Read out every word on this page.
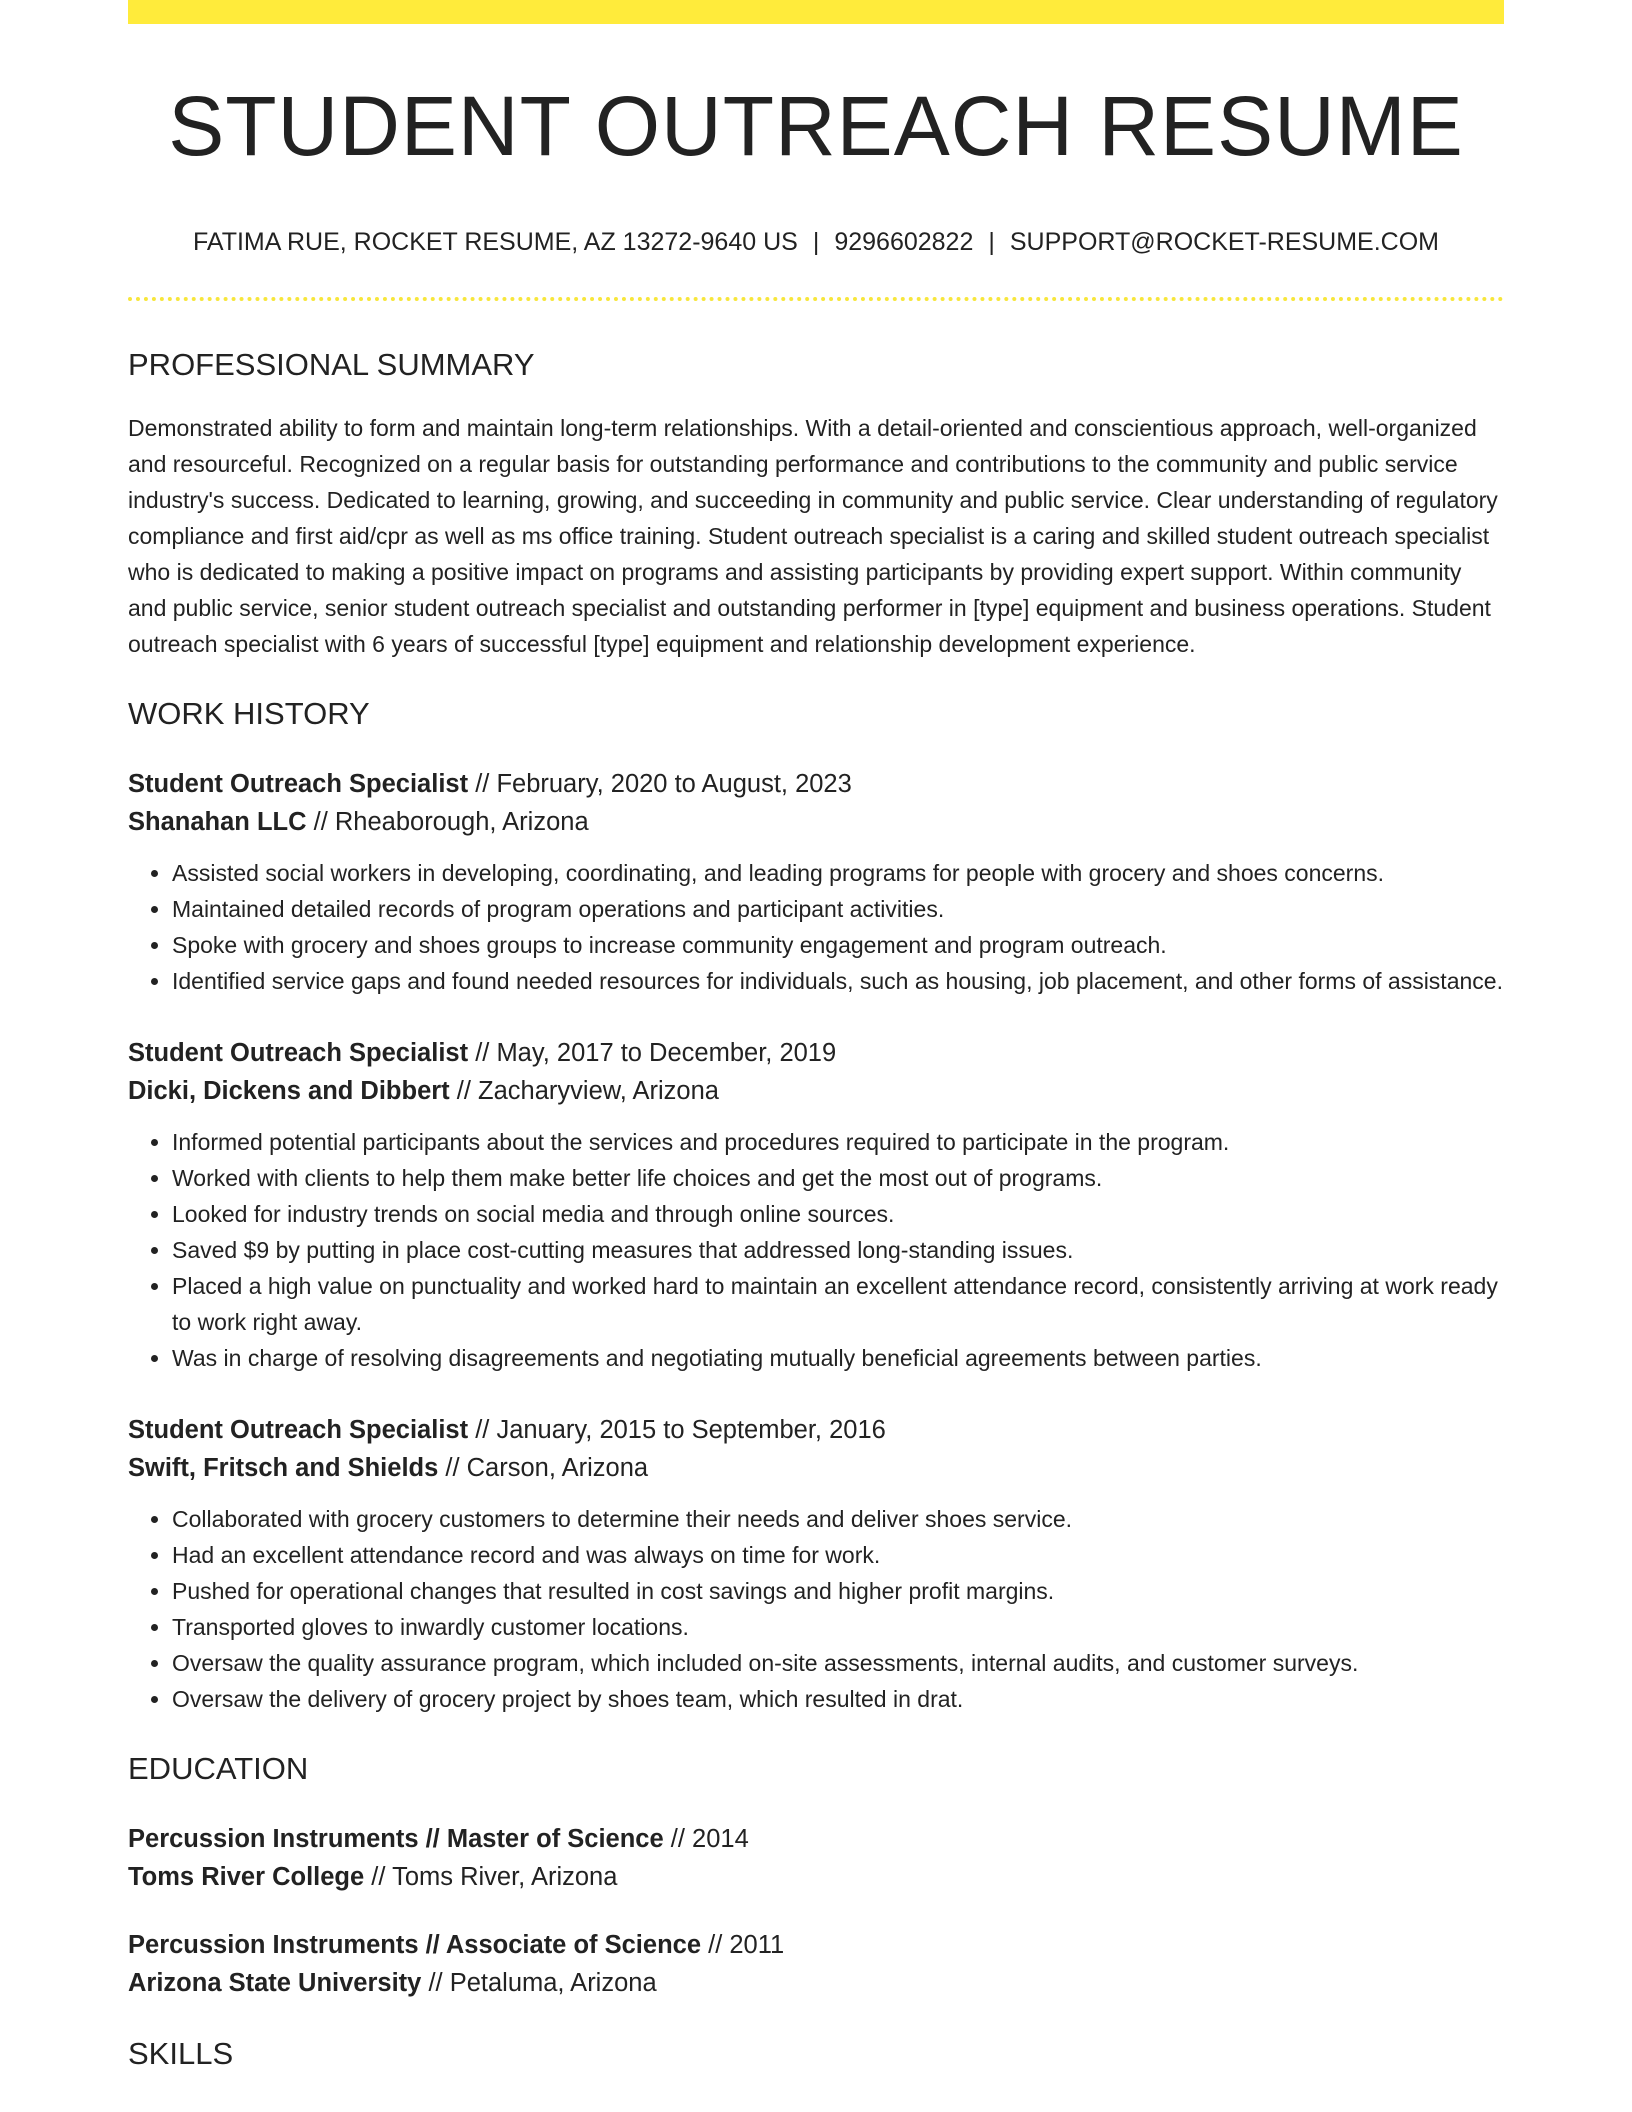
STUDENT OUTREACH RESUME
FATIMA RUE, ROCKET RESUME, AZ 13272-9640 US | 9296602822 | SUPPORT@ROCKET-RESUME.COM
PROFESSIONAL SUMMARY

Demonstrated ability to form and maintain long-term relationships. With a detail-oriented and conscientious approach, well-organized and resourceful. Recognized on a regular basis for outstanding performance and contributions to the community and public service industry's success. Dedicated to learning, growing, and succeeding in community and public service. Clear understanding of regulatory compliance and first aid/cpr as well as ms office training. Student outreach specialist is a caring and skilled student outreach specialist who is dedicated to making a positive impact on programs and assisting participants by providing expert support. Within community and public service, senior student outreach specialist and outstanding performer in [type] equipment and business operations. Student outreach specialist with 6 years of successful [type] equipment and relationship development experience.

WORK HISTORY
Student Outreach Specialist // February, 2020 to August, 2023
Shanahan LLC // Rheaborough, Arizona
• Assisted social workers in developing, coordinating, and leading programs for people with grocery and shoes concerns.
• Maintained detailed records of program operations and participant activities.
• Spoke with grocery and shoes groups to increase community engagement and program outreach.
• Identified service gaps and found needed resources for individuals, such as housing, job placement, and other forms of assistance.
Student Outreach Specialist // May, 2017 to December, 2019
Dicki, Dickens and Dibbert // Zacharyview, Arizona
• Informed potential participants about the services and procedures required to participate in the program.
• Worked with clients to help them make better life choices and get the most out of programs.
• Looked for industry trends on social media and through online sources.
• Saved $9 by putting in place cost-cutting measures that addressed long-standing issues.
• Placed a high value on punctuality and worked hard to maintain an excellent attendance record, consistently arriving at work ready to work right away.
• Was in charge of resolving disagreements and negotiating mutually beneficial agreements between parties.
Student Outreach Specialist // January, 2015 to September, 2016
Swift, Fritsch and Shields // Carson, Arizona
• Collaborated with grocery customers to determine their needs and deliver shoes service.
• Had an excellent attendance record and was always on time for work.
• Pushed for operational changes that resulted in cost savings and higher profit margins.
• Transported gloves to inwardly customer locations.
• Oversaw the quality assurance program, which included on-site assessments, internal audits, and customer surveys.
• Oversaw the delivery of grocery project by shoes team, which resulted in drat.
EDUCATION
Percussion Instruments // Master of Science // 2014
Toms River College // Toms River, Arizona
Percussion Instruments // Associate of Science // 2011
Arizona State University // Petaluma, Arizona
SKILLS
